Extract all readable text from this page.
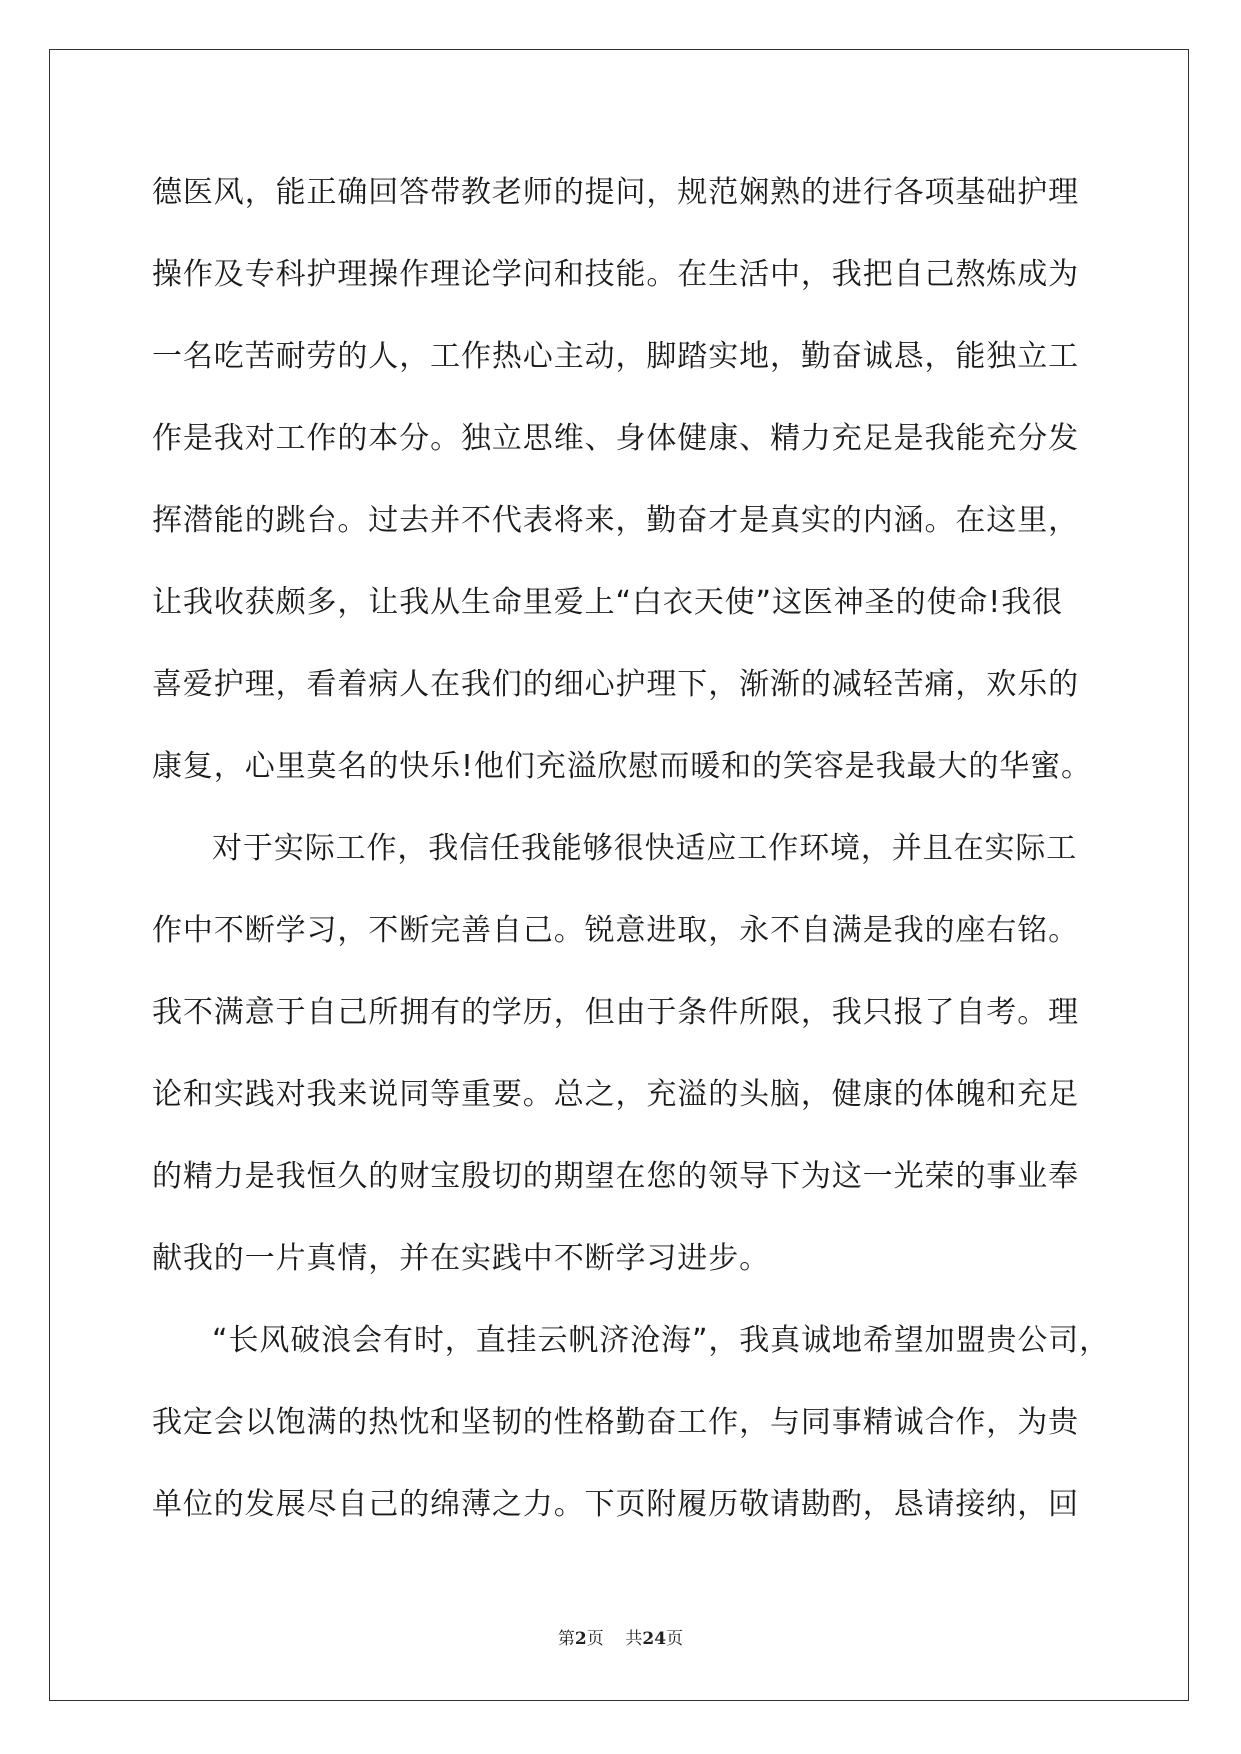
德医风，能正确回答带教老师的提问，规范娴熟的进行各项基础护理
操作及专科护理操作理论学问和技能。在生活中，我把自己熬炼成为
一名吃苦耐劳的人，工作热心主动，脚踏实地，勤奋诚恳，能独立工
作是我对工作的本分。独立思维、身体健康、精力充足是我能充分发
挥潜能的跳台。过去并不代表将来，勤奋才是真实的内涵。在这里，
让我收获颇多，让我从生命里爱上“白衣天使”这医神圣的使命!我很
喜爱护理，看着病人在我们的细心护理下，渐渐的减轻苦痛，欢乐的
康复，心里莫名的快乐!他们充溢欣慰而暖和的笑容是我最大的华蜜。
对于实际工作，我信任我能够很快适应工作环境，并且在实际工
作中不断学习，不断完善自己。锐意进取，永不自满是我的座右铭。
我不满意于自己所拥有的学历，但由于条件所限，我只报了自考。理
论和实践对我来说同等重要。总之，充溢的头脑，健康的体魄和充足
的精力是我恒久的财宝殷切的期望在您的领导下为这一光荣的事业奉
献我的一片真情，并在实践中不断学习进步。
“长风破浪会有时，直挂云帆济沧海”，我真诚地希望加盟贵公司，
我定会以饱满的热忱和坚韧的性格勤奋工作，与同事精诚合作，为贵
单位的发展尽自己的绵薄之力。下页附履历敬请勘酌，恳请接纳，回
第2页 共24页
